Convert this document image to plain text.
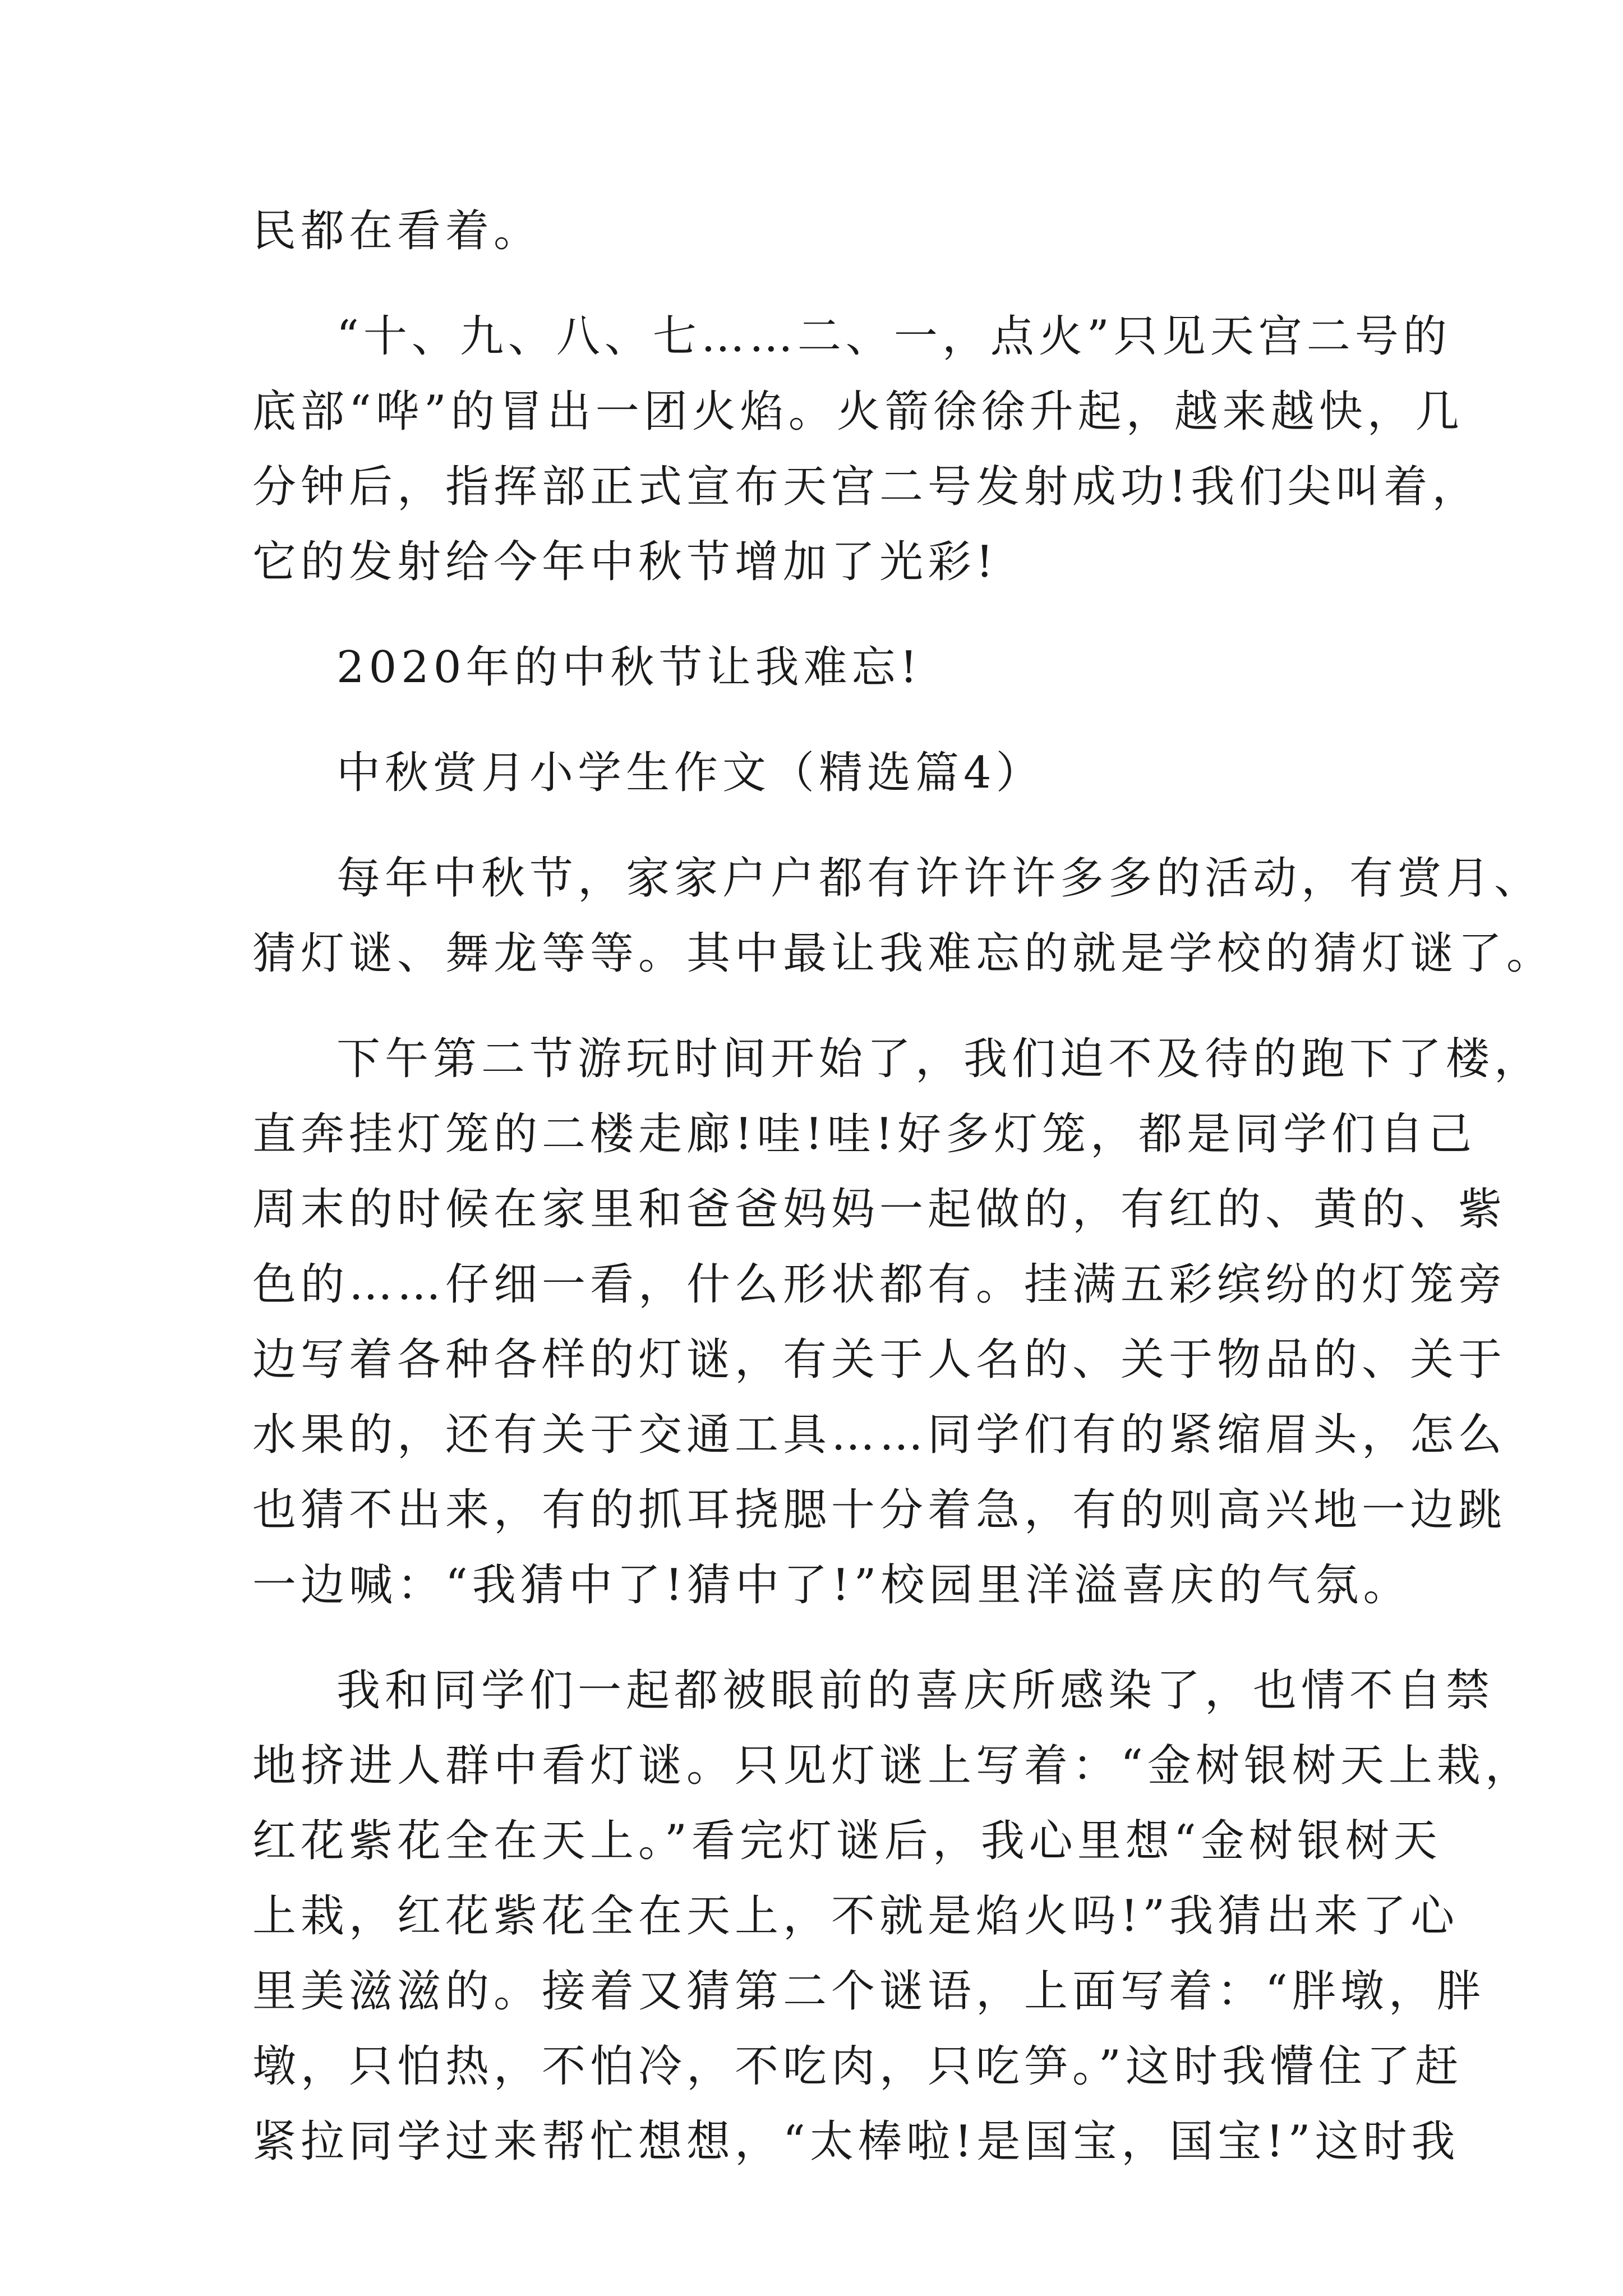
民都在看着。
“十、九、八、七……二、一，点火”只见天宫二号的
底部“哗”的冒出一团火焰。火箭徐徐升起，越来越快，几
分钟后，指挥部正式宣布天宫二号发射成功!我们尖叫着，
它的发射给今年中秋节增加了光彩!
2020年的中秋节让我难忘!
中秋赏月小学生作文（精选篇4）
每年中秋节，家家户户都有许许许多多的活动，有赏月、
猜灯谜、舞龙等等。其中最让我难忘的就是学校的猜灯谜了。
下午第二节游玩时间开始了，我们迫不及待的跑下了楼，
直奔挂灯笼的二楼走廊!哇!哇!好多灯笼，都是同学们自己
周末的时候在家里和爸爸妈妈一起做的，有红的、黄的、紫
色的……仔细一看，什么形状都有。挂满五彩缤纷的灯笼旁
边写着各种各样的灯谜，有关于人名的、关于物品的、关于
水果的，还有关于交通工具……同学们有的紧缩眉头，怎么
也猜不出来，有的抓耳挠腮十分着急，有的则高兴地一边跳
一边喊：“我猜中了!猜中了!”校园里洋溢喜庆的气氛。
我和同学们一起都被眼前的喜庆所感染了，也情不自禁
地挤进人群中看灯谜。只见灯谜上写着：“金树银树天上栽，
红花紫花全在天上。”看完灯谜后，我心里想“金树银树天
上栽，红花紫花全在天上，不就是焰火吗!”我猜出来了心
里美滋滋的。接着又猜第二个谜语，上面写着：“胖墩，胖
墩，只怕热，不怕冷，不吃肉，只吃笋。”这时我懵住了赶
紧拉同学过来帮忙想想，“太棒啦!是国宝，国宝!”这时我
